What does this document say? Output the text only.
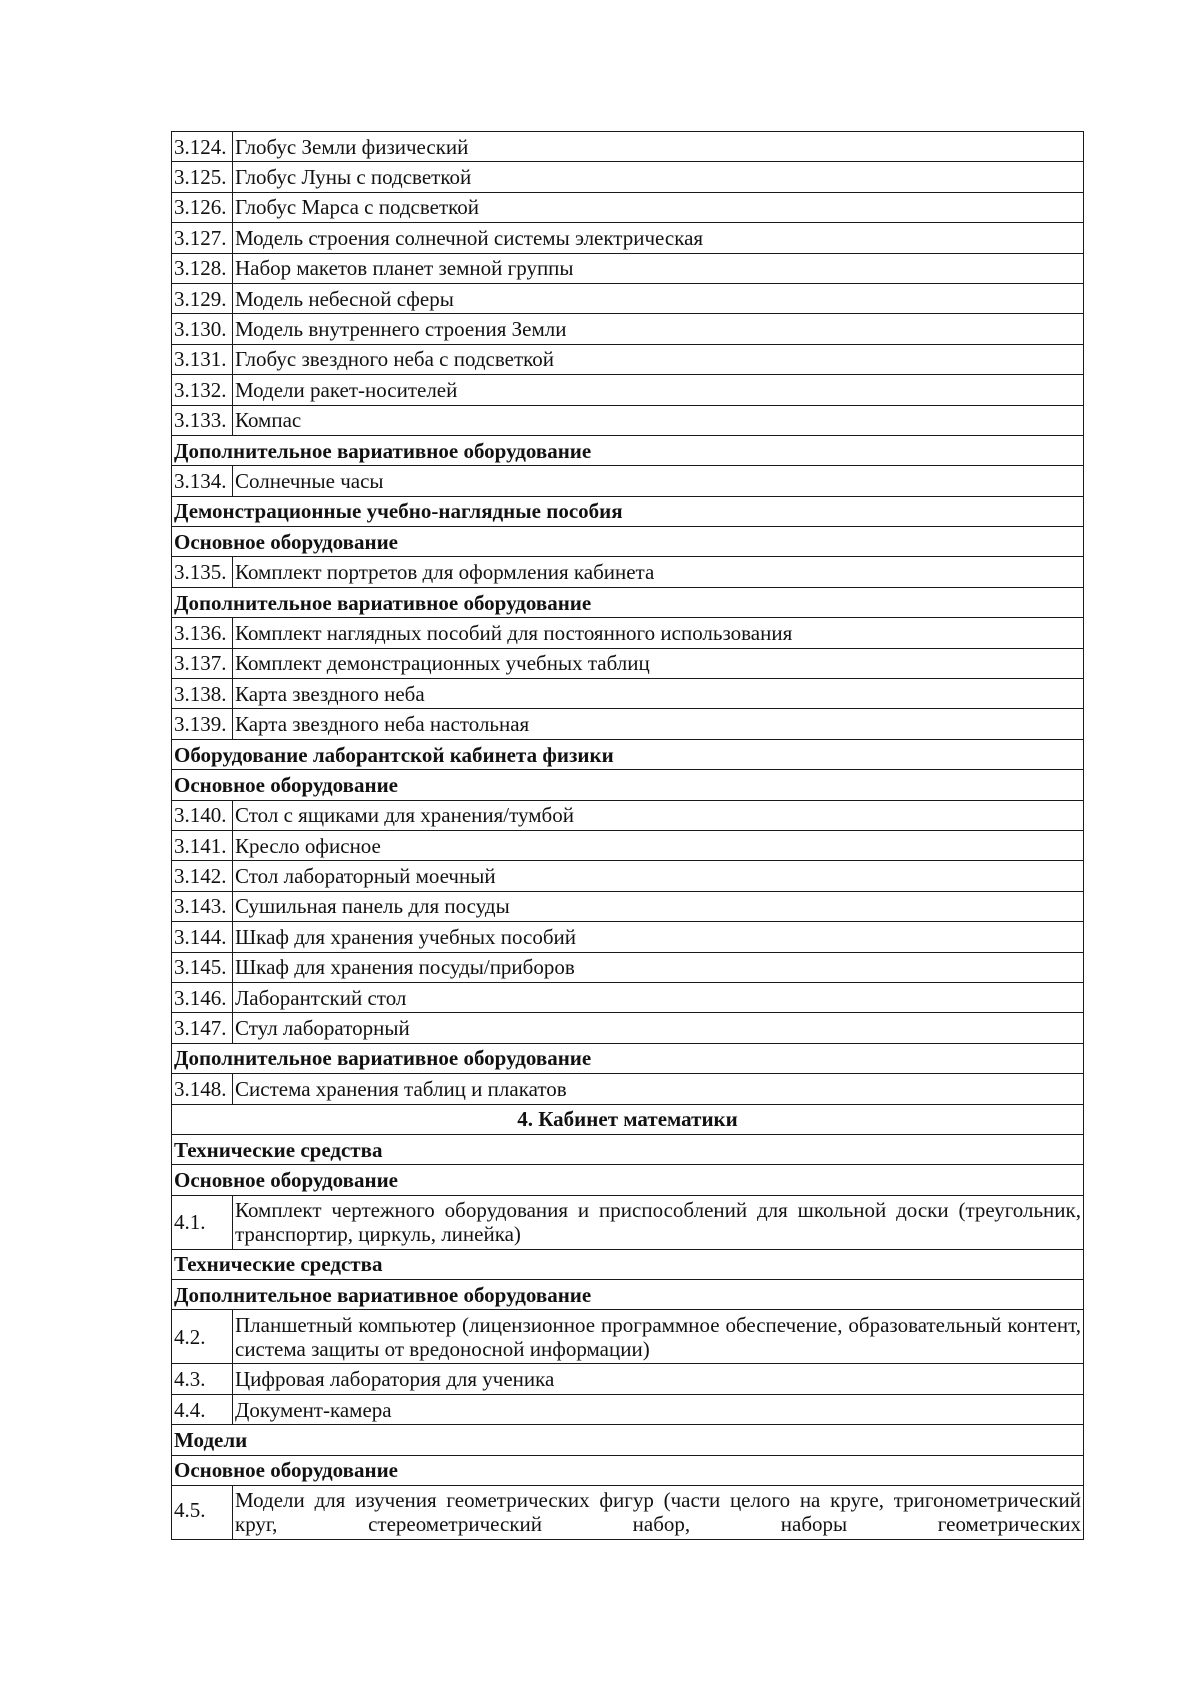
3.124.	Глобус Земли физический
3.125.	Глобус Луны с подсветкой
3.126.	Глобус Марса с подсветкой
3.127.	Модель строения солнечной системы электрическая
3.128.	Набор макетов планет земной группы
3.129.	Модель небесной сферы
3.130.	Модель внутреннего строения Земли
3.131.	Глобус звездного неба с подсветкой
3.132.	Модели ракет-носителей
3.133.	Компас
Дополнительное вариативное оборудование	
3.134.	Солнечные часы
Демонстрационные учебно-наглядные пособия	
Основное оборудование	
3.135.	Комплект портретов для оформления кабинета
Дополнительное вариативное оборудование	
3.136.	Комплект наглядных пособий для постоянного использования
3.137.	Комплект демонстрационных учебных таблиц
3.138.	Карта звездного неба
3.139.	Карта звездного неба настольная
Оборудование лаборантской кабинета физики	
Основное оборудование	
3.140.	Стол с ящиками для хранения/тумбой
3.141.	Кресло офисное
3.142.	Стол лабораторный моечный
3.143.	Сушильная панель для посуды
3.144.	Шкаф для хранения учебных пособий
3.145.	Шкаф для хранения посуды/приборов
3.146.	Лаборантский стол
3.147.	Стул лабораторный
Дополнительное вариативное оборудование	
3.148.	Система хранения таблиц и плакатов
4. Кабинет математики	
Технические средства	
Основное оборудование	
4.1.	Комплект чертежного оборудования и приспособлений для школьной доски (треугольник, транспортир, циркуль, линейка)
Технические средства	
Дополнительное вариативное оборудование	
4.2.	Планшетный компьютер (лицензионное программное обеспечение, образовательный контент, система защиты от вредоносной информации)
4.3.	Цифровая лаборатория для ученика
4.4.	Документ-камера
Модели	
Основное оборудование	
4.5.	Модели для изучения геометрических фигур (части целого на круге, тригонометрический круг, стереометрический набор, наборы геометрических
